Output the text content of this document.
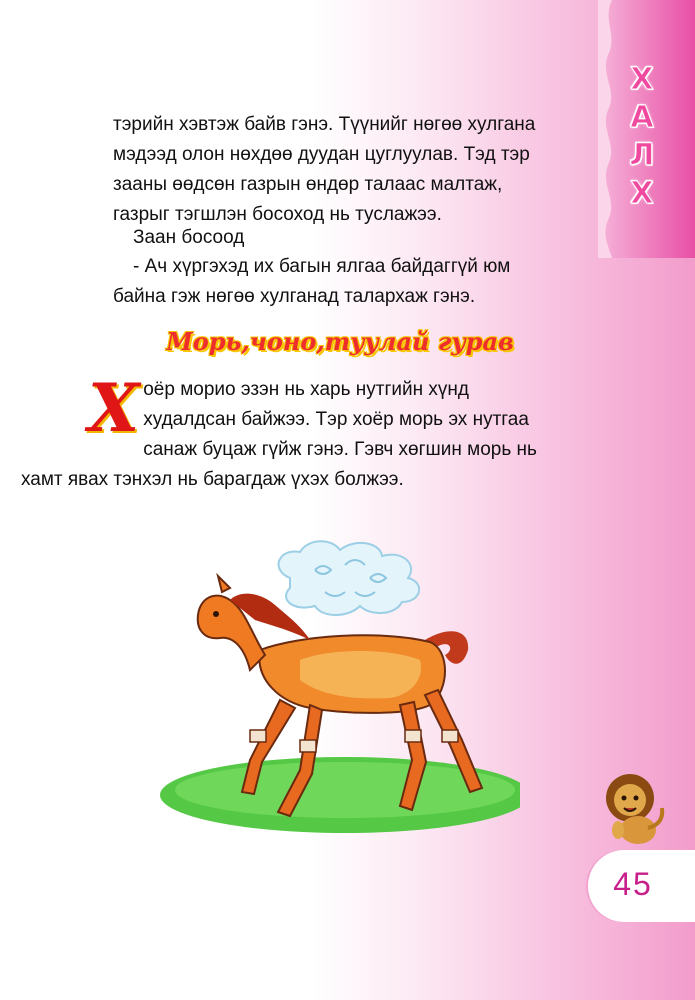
Х
А
Л
Х

тэрийн хэвтэж байв гэнэ. Түүнийг нөгөө хулгана

мэдээд олон нөхдөө дуудан цуглуулав. Тэд тэр

зааны өөдсөн газрын өндөр талаас малтаж,

газрыг тэгшлэн босоход нь туслажээ.

Заан босоод

- Ач хүргэхэд их багын ялгаа байдаггүй юм

байна гэж нөгөө хулганад талархаж гэнэ.

Морь,чоно,туулай гурав
Х оёр морио эзэн нь харь нутгийн хүнд
худалдсан байжээ. Тэр хоёр морь эх нутгаа
санаж буцаж гүйж гэнэ. Гэвч хөгшин морь нь
хамт явах тэнхэл нь барагдаж үхэх болжээ.
45
